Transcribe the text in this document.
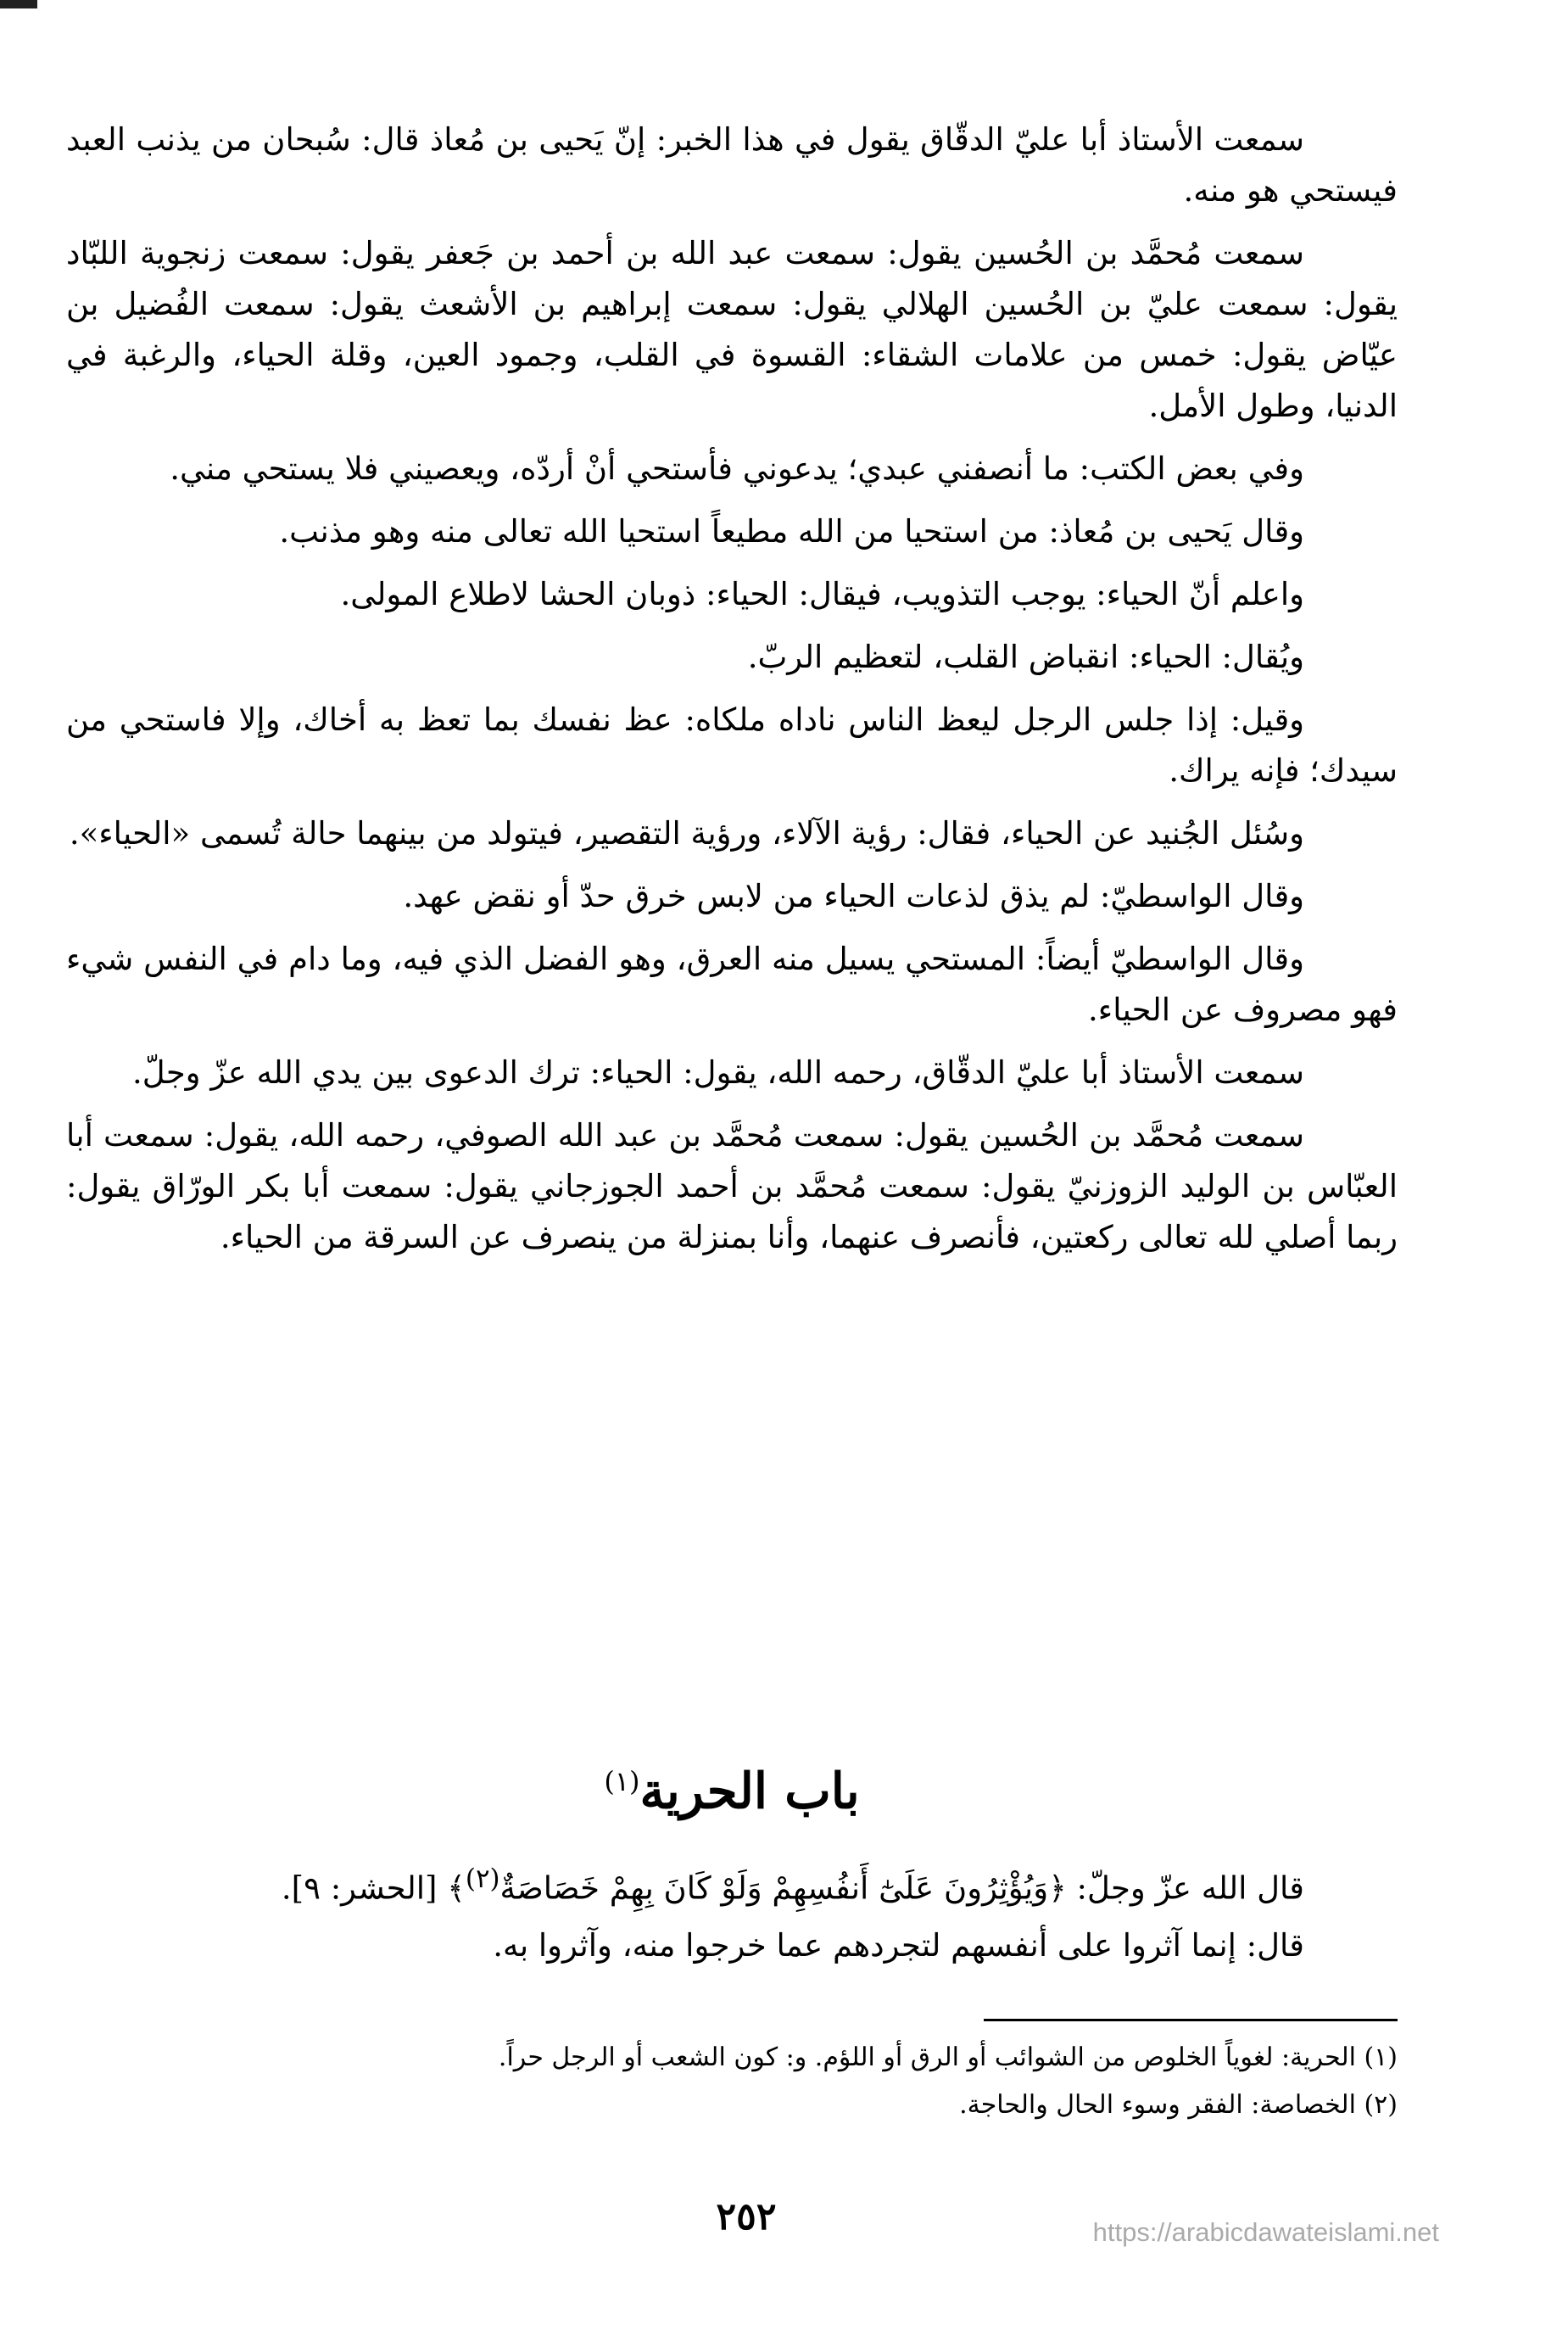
سمعت الأستاذ أبا عليّ الدقّاق يقول في هذا الخبر: إنّ يَحيى بن مُعاذ قال: سُبحان من يذنب العبد فيستحي هو منه.

سمعت مُحمَّد بن الحُسين يقول: سمعت عبد الله بن أحمد بن جَعفر يقول: سمعت زنجوية اللبّاد يقول: سمعت عليّ بن الحُسين الهلالي يقول: سمعت إبراهيم بن الأشعث يقول: سمعت الفُضيل بن عيّاض يقول: خمس من علامات الشقاء: القسوة في القلب، وجمود العين، وقلة الحياء، والرغبة في الدنيا، وطول الأمل.

وفي بعض الكتب: ما أنصفني عبدي؛ يدعوني فأستحي أنْ أردّه، ويعصيني فلا يستحي مني.

وقال يَحيى بن مُعاذ: من استحيا من الله مطيعاً استحيا الله تعالى منه وهو مذنب.

واعلم أنّ الحياء: يوجب التذويب، فيقال: الحياء: ذوبان الحشا لاطلاع المولى.

ويُقال: الحياء: انقباض القلب، لتعظيم الربّ.

وقيل: إذا جلس الرجل ليعظ الناس ناداه ملكاه: عظ نفسك بما تعظ به أخاك، وإلا فاستحي من سيدك؛ فإنه يراك.

وسُئل الجُنيد عن الحياء، فقال: رؤية الآلاء، ورؤية التقصير، فيتولد من بينهما حالة تُسمى «الحياء».

وقال الواسطيّ: لم يذق لذعات الحياء من لابس خرق حدّ أو نقض عهد.

وقال الواسطيّ أيضاً: المستحي يسيل منه العرق، وهو الفضل الذي فيه، وما دام في النفس شيء فهو مصروف عن الحياء.

سمعت الأستاذ أبا عليّ الدقّاق، رحمه الله، يقول: الحياء: ترك الدعوى بين يدي الله عزّ وجلّ.

سمعت مُحمَّد بن الحُسين يقول: سمعت مُحمَّد بن عبد الله الصوفي، رحمه الله، يقول: سمعت أبا العبّاس بن الوليد الزوزنيّ يقول: سمعت مُحمَّد بن أحمد الجوزجاني يقول: سمعت أبا بكر الورّاق يقول: ربما أصلي لله تعالى ركعتين، فأنصرف عنهما، وأنا بمنزلة من ينصرف عن السرقة من الحياء.

باب الحرية$^{(١)}$

قال الله عزّ وجلّ: ﴿وَيُؤْثِرُونَ عَلَىٰٓ أَنفُسِهِمْ وَلَوْ كَانَ بِهِمْ خَصَاصَةٌ$^{(٢)}$﴾ [الحشر: ٩].

قال: إنما آثروا على أنفسهم لتجردهم عما خرجوا منه، وآثروا به.

(١) الحرية: لغوياً الخلوص من الشوائب أو الرق أو اللؤم. و: كون الشعب أو الرجل حراً.
(٢) الخصاصة: الفقر وسوء الحال والحاجة.
٢٥٢	https://arabicdawateislami.net
